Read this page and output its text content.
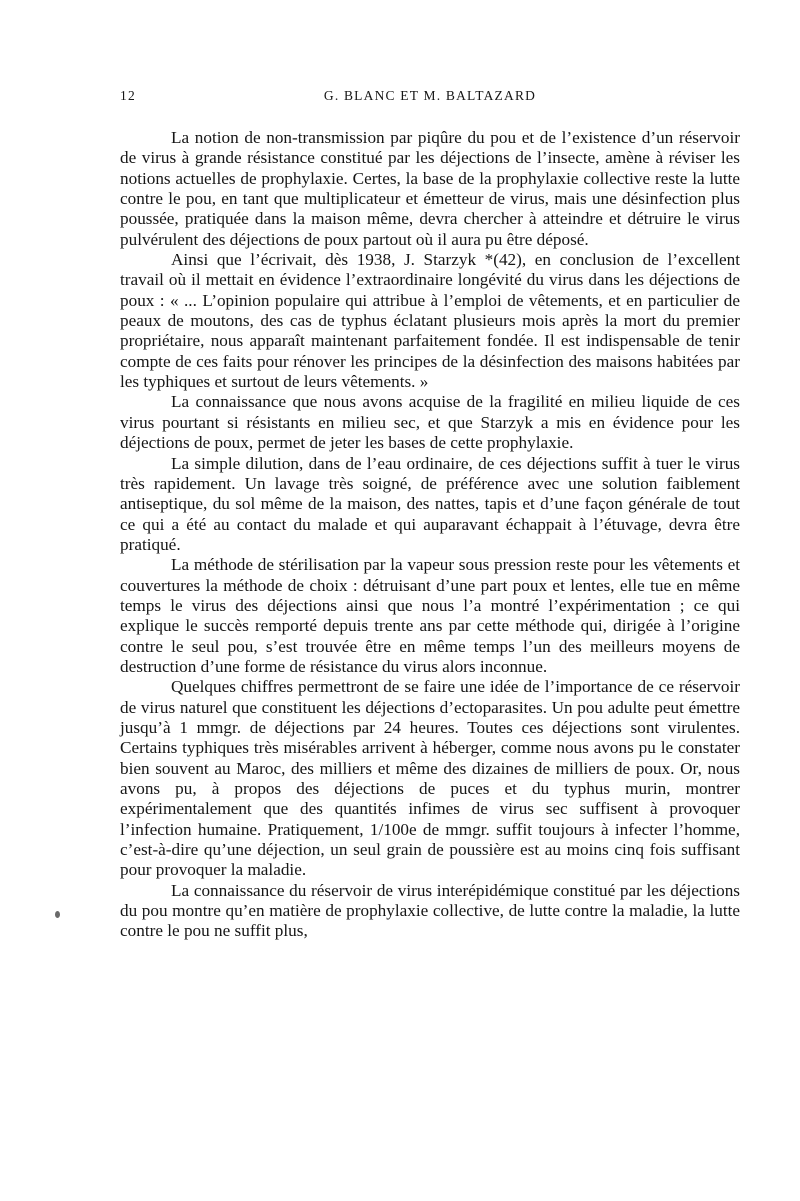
12	G. BLANC ET M. BALTAZARD

La notion de non-transmission par piqûre du pou et de l’existence d’un réservoir de virus à grande résistance constitué par les déjections de l’insecte, amène à réviser les notions actuelles de prophylaxie. Certes, la base de la prophylaxie collective reste la lutte contre le pou, en tant que multiplicateur et émetteur de virus, mais une désinfection plus poussée, pratiquée dans la maison même, devra chercher à atteindre et détruire le virus pulvérulent des déjections de poux partout où il aura pu être déposé.

Ainsi que l’écrivait, dès 1938, J. Starzyk *(42), en conclusion de l’excellent travail où il mettait en évidence l’extraordinaire longévité du virus dans les déjections de poux : « ... L’opinion populaire qui attribue à l’emploi de vêtements, et en particulier de peaux de moutons, des cas de typhus éclatant plusieurs mois après la mort du premier propriétaire, nous apparaît maintenant parfaitement fondée. Il est indispensable de tenir compte de ces faits pour rénover les principes de la désinfection des maisons habitées par les typhiques et surtout de leurs vêtements. »

La connaissance que nous avons acquise de la fragilité en milieu liquide de ces virus pourtant si résistants en milieu sec, et que Starzyk a mis en évidence pour les déjections de poux, permet de jeter les bases de cette prophylaxie.

La simple dilution, dans de l’eau ordinaire, de ces déjections suffit à tuer le virus très rapidement. Un lavage très soigné, de préférence avec une solution faiblement antiseptique, du sol même de la maison, des nattes, tapis et d’une façon générale de tout ce qui a été au contact du malade et qui auparavant échappait à l’étuvage, devra être pratiqué.

La méthode de stérilisation par la vapeur sous pression reste pour les vêtements et couvertures la méthode de choix : détruisant d’une part poux et lentes, elle tue en même temps le virus des déjections ainsi que nous l’a montré l’expérimentation ; ce qui explique le succès remporté depuis trente ans par cette méthode qui, dirigée à l’origine contre le seul pou, s’est trouvée être en même temps l’un des meilleurs moyens de destruction d’une forme de résistance du virus alors inconnue.

Quelques chiffres permettront de se faire une idée de l’importance de ce réservoir de virus naturel que constituent les déjections d’ectoparasites. Un pou adulte peut émettre jusqu’à 1 mmgr. de déjections par 24 heures. Toutes ces déjections sont virulentes. Certains typhiques très misérables arrivent à héberger, comme nous avons pu le constater bien souvent au Maroc, des milliers et même des dizaines de milliers de poux. Or, nous avons pu, à propos des déjections de puces et du typhus murin, montrer expérimentalement que des quantités infimes de virus sec suffisent à provoquer l’infection humaine. Pratiquement, 1/100e de mmgr. suffit toujours à infecter l’homme, c’est-à-dire qu’une déjection, un seul grain de poussière est au moins cinq fois suffisant pour provoquer la maladie.

La connaissance du réservoir de virus interépidémique constitué par les déjections du pou montre qu’en matière de prophylaxie collective, de lutte contre la maladie, la lutte contre le pou ne suffit plus,
